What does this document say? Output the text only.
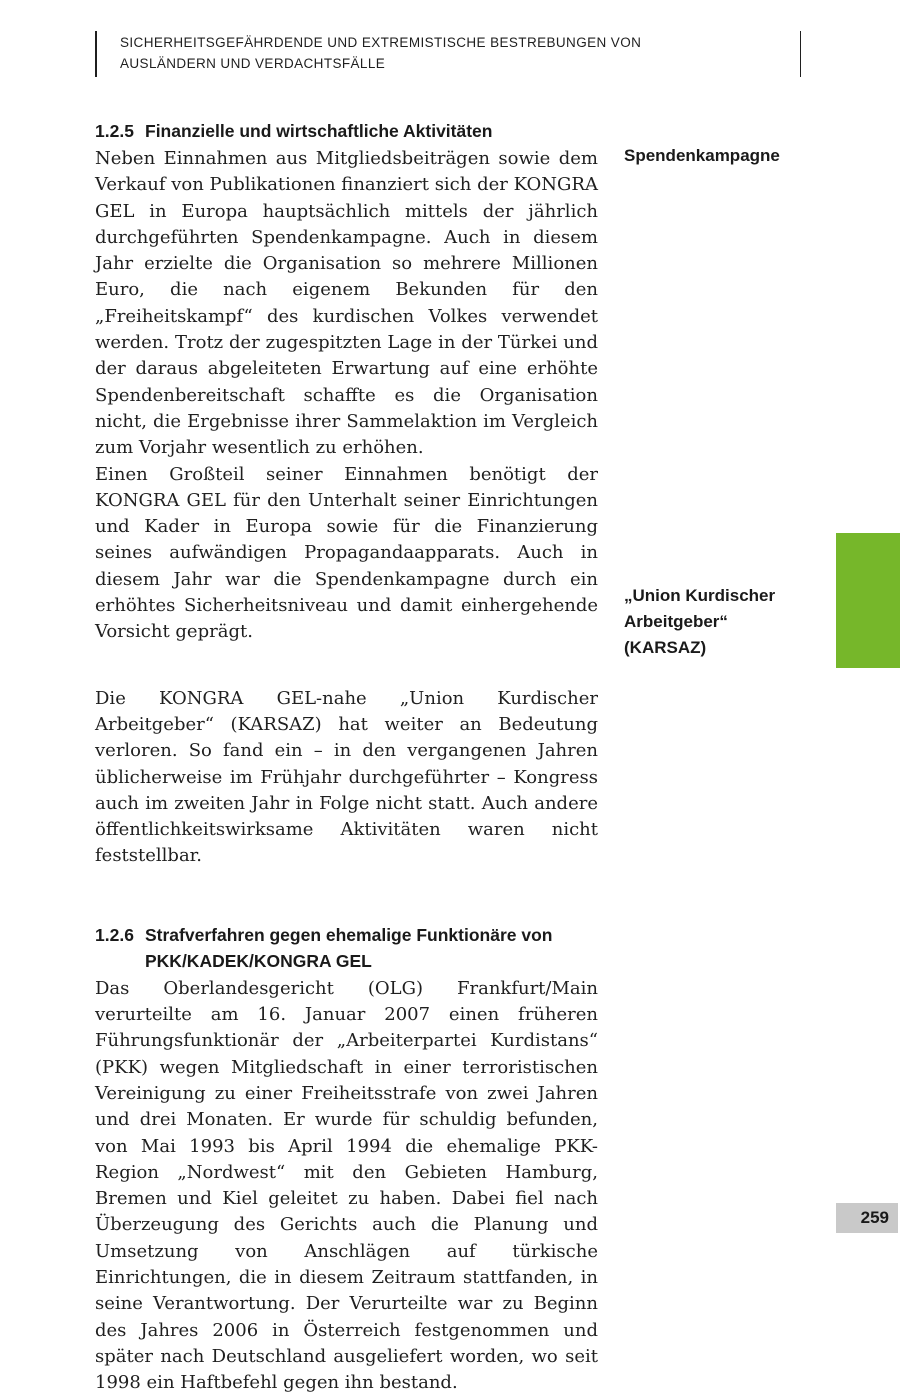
SICHERHEITSGEFÄHRDENDE UND EXTREMISTISCHE BESTREBUNGEN VON
AUSLÄNDERN UND VERDACHTSFÄLLE
1.2.5 Finanzielle und wirtschaftliche Aktivitäten
Neben Einnahmen aus Mitgliedsbeiträgen sowie dem Verkauf von Publikationen finanziert sich der KONGRA GEL in Europa hauptsächlich mittels der jährlich durchgeführten Spendenkampagne. Auch in diesem Jahr erzielte die Organisation so mehrere Millionen Euro, die nach eigenem Bekunden für den „Freiheitskampf“ des kurdischen Volkes verwendet werden. Trotz der zugespitzten Lage in der Türkei und der daraus abgeleiteten Erwartung auf eine erhöhte Spendenbereitschaft schaffte es die Organisation nicht, die Ergebnisse ihrer Sammelaktion im Vergleich zum Vorjahr wesentlich zu erhöhen.
Einen Großteil seiner Einnahmen benötigt der KONGRA GEL für den Unterhalt seiner Einrichtungen und Kader in Europa sowie für die Finanzierung seines aufwändigen Propagandaapparats. Auch in diesem Jahr war die Spendenkampagne durch ein erhöhtes Sicherheitsniveau und damit einhergehende Vorsicht geprägt.
Die KONGRA GEL-nahe „Union Kurdischer Arbeitgeber“ (KARSAZ) hat weiter an Bedeutung verloren. So fand ein – in den vergangenen Jahren üblicherweise im Frühjahr durchgeführter – Kongress auch im zweiten Jahr in Folge nicht statt. Auch andere öffentlichkeitswirksame Aktivitäten waren nicht feststellbar.
1.2.6 Strafverfahren gegen ehemalige Funktionäre von
PKK/KADEK/KONGRA GEL
Das Oberlandesgericht (OLG) Frankfurt/Main verurteilte am 16. Januar 2007 einen früheren Führungsfunktionär der „Arbeiterpartei Kurdistans“ (PKK) wegen Mitgliedschaft in einer terroristischen Vereinigung zu einer Freiheitsstrafe von zwei Jahren und drei Monaten. Er wurde für schuldig befunden, von Mai 1993 bis April 1994 die ehemalige PKK-Region „Nordwest“ mit den Gebieten Hamburg, Bremen und Kiel geleitet zu haben. Dabei fiel nach Überzeugung des Gerichts auch die Planung und Umsetzung von Anschlägen auf türkische Einrichtungen, die in diesem Zeitraum stattfanden, in seine Verantwortung. Der Verurteilte war zu Beginn des Jahres 2006 in Österreich festgenommen und später nach Deutschland ausgeliefert worden, wo seit 1998 ein Haftbefehl gegen ihn bestand.
Spendenkampagne
„Union Kurdischer
Arbeitgeber“
(KARSAZ)
259
